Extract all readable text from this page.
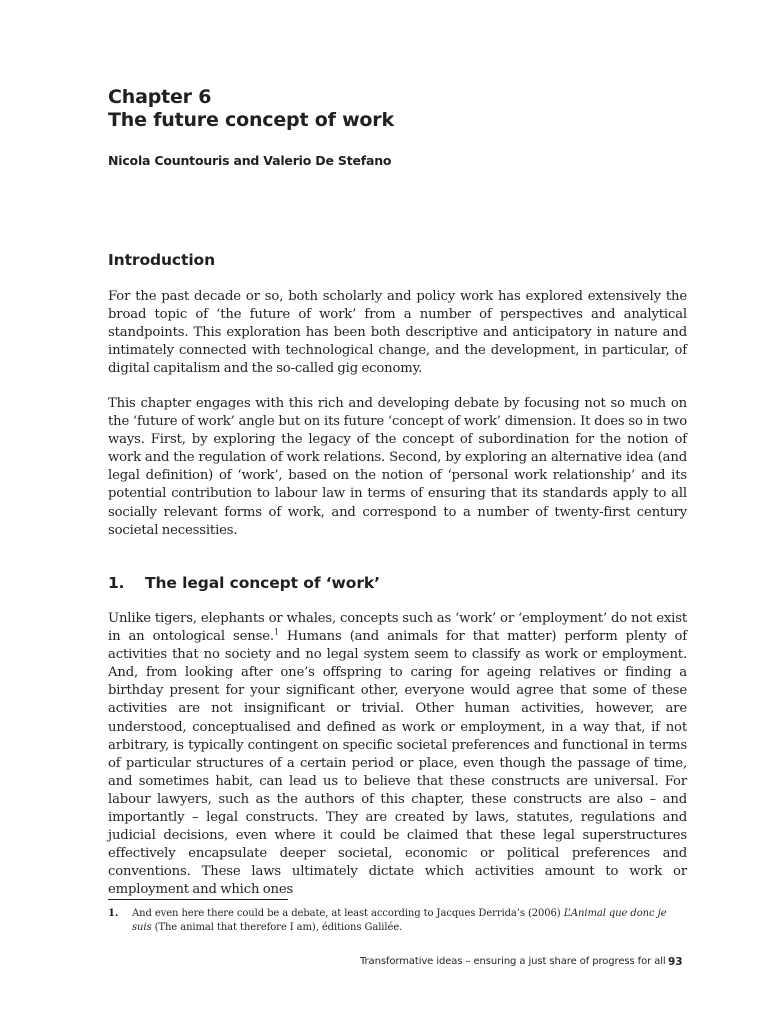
Chapter 6
The future concept of work
Nicola Countouris and Valerio De Stefano
Introduction

For the past decade or so, both scholarly and policy work has explored extensively the broad topic of ‘the future of work’ from a number of perspectives and analytical standpoints. This exploration has been both descriptive and anticipatory in nature and intimately connected with technological change, and the development, in particular, of digital capitalism and the so-called gig economy.

This chapter engages with this rich and developing debate by focusing not so much on the ‘future of work’ angle but on its future ‘concept of work’ dimension. It does so in two ways. First, by exploring the legacy of the concept of subordination for the notion of work and the regulation of work relations. Second, by exploring an alternative idea (and legal definition) of ‘work’, based on the notion of ‘personal work relationship’ and its potential contribution to labour law in terms of ensuring that its standards apply to all socially relevant forms of work, and correspond to a number of twenty-first century societal necessities.

1. The legal concept of ‘work’

Unlike tigers, elephants or whales, concepts such as ‘work’ or ‘employment’ do not exist in an ontological sense.$^1$ Humans (and animals for that matter) perform plenty of activities that no society and no legal system seem to classify as work or employment. And, from looking after one’s offspring to caring for ageing relatives or finding a birthday present for your significant other, everyone would agree that some of these activities are not insignificant or trivial. Other human activities, however, are understood, conceptualised and defined as work or employment, in a way that, if not arbitrary, is typically contingent on specific societal preferences and functional in terms of particular structures of a certain period or place, even though the passage of time, and sometimes habit, can lead us to believe that these constructs are universal. For labour lawyers, such as the authors of this chapter, these constructs are also – and importantly – legal constructs. They are created by laws, statutes, regulations and judicial decisions, even where it could be claimed that these legal superstructures effectively encapsulate deeper societal, economic or political preferences and conventions. These laws ultimately dictate which activities amount to work or employment and which ones

1. And even here there could be a debate, at least according to Jacques Derrida’s (2006) L’Animal que donc je suis (The animal that therefore I am), éditions Galilée.
Transformative ideas – ensuring a just share of progress for all 93
